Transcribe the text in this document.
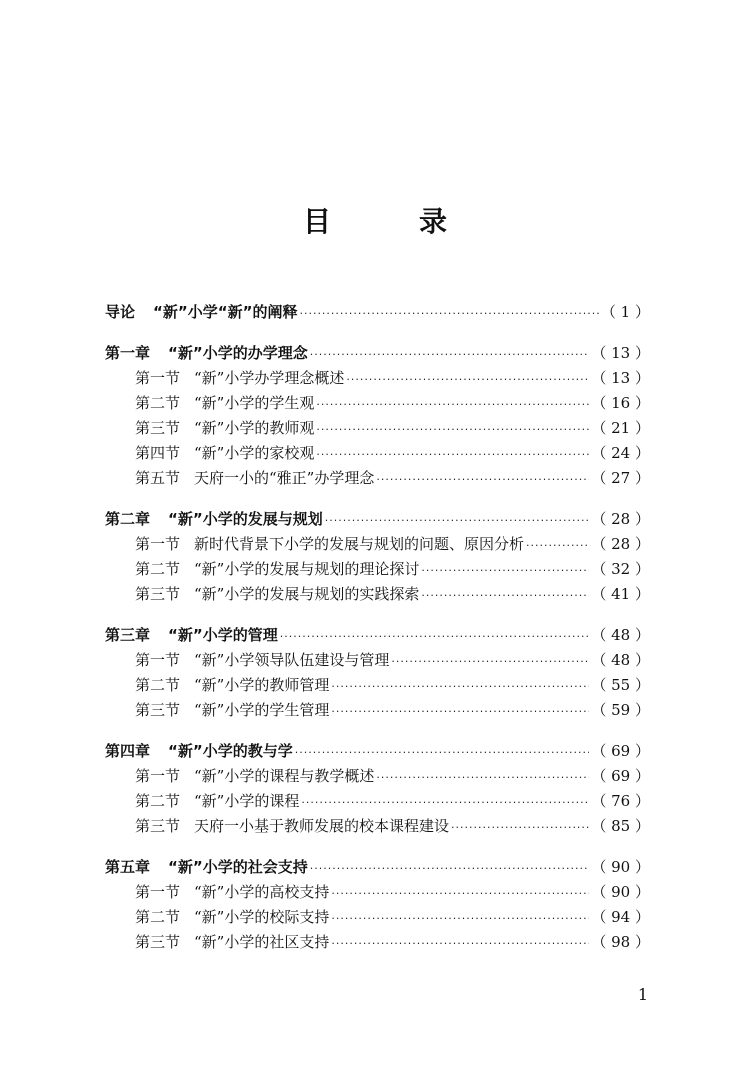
目　录
导论 “新”小学“新”的阐释 ·····	（ 1 ）
第一章 “新”小学的办学理念 ·····	（ 13 ）
第一节 “新”小学办学理念概述 ·····	（ 13 ）
第二节 “新”小学的学生观 ·····	（ 16 ）
第三节 “新”小学的教师观 ·····	（ 21 ）
第四节 “新”小学的家校观 ·····	（ 24 ）
第五节 天府一小的“雅正”办学理念 ·····	（ 27 ）
第二章 “新”小学的发展与规划 ·····	（ 28 ）
第一节 新时代背景下小学的发展与规划的问题、原因分析 ·····	（ 28 ）
第二节 “新”小学的发展与规划的理论探讨 ·····	（ 32 ）
第三节 “新”小学的发展与规划的实践探索 ·····	（ 41 ）
第三章 “新”小学的管理 ·····	（ 48 ）
第一节 “新”小学领导队伍建设与管理 ·····	（ 48 ）
第二节 “新”小学的教师管理 ·····	（ 55 ）
第三节 “新”小学的学生管理 ·····	（ 59 ）
第四章 “新”小学的教与学 ·····	（ 69 ）
第一节 “新”小学的课程与教学概述 ·····	（ 69 ）
第二节 “新”小学的课程 ·····	（ 76 ）
第三节 天府一小基于教师发展的校本课程建设 ·····	（ 85 ）
第五章 “新”小学的社会支持 ·····	（ 90 ）
第一节 “新”小学的高校支持 ·····	（ 90 ）
第二节 “新”小学的校际支持 ·····	（ 94 ）
第三节 “新”小学的社区支持 ·····	（ 98 ）
1
